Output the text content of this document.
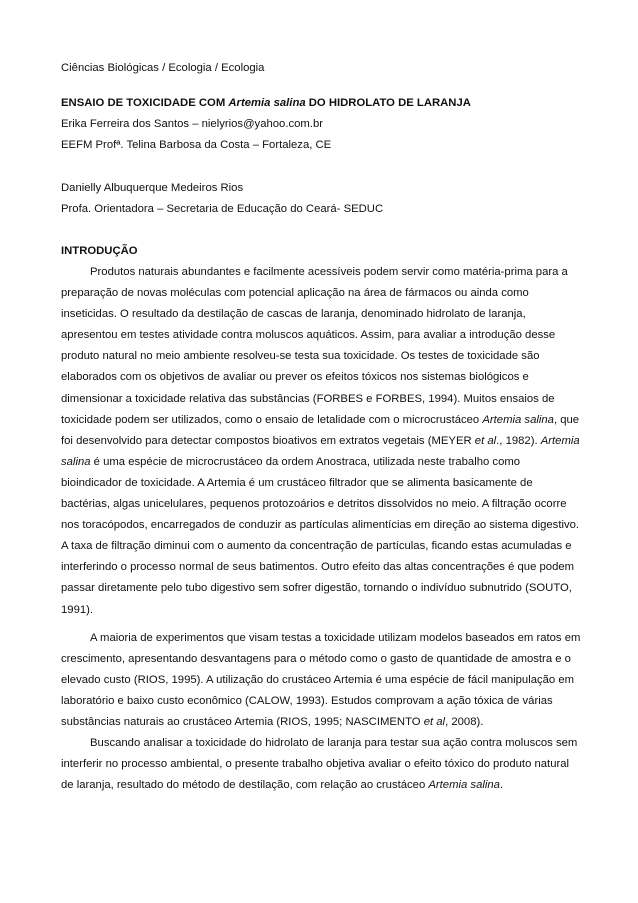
Ciências Biológicas / Ecologia / Ecologia
ENSAIO DE TOXICIDADE COM Artemia salina DO HIDROLATO DE LARANJA
Erika Ferreira dos Santos – nielyrios@yahoo.com.br
EEFM Profª. Telina Barbosa da Costa – Fortaleza, CE
Danielly Albuquerque Medeiros Rios
Profa. Orientadora – Secretaria de Educação do Ceará- SEDUC
INTRODUÇÃO

Produtos naturais abundantes e facilmente acessíveis podem servir como matéria-prima para a preparação de novas moléculas com potencial aplicação na área de fármacos ou ainda como inseticidas. O resultado da destilação de cascas de laranja, denominado hidrolato de laranja, apresentou em testes atividade contra moluscos aquáticos. Assim, para avaliar a introdução desse produto natural no meio ambiente resolveu-se testa sua toxicidade. Os testes de toxicidade são elaborados com os objetivos de avaliar ou prever os efeitos tóxicos nos sistemas biológicos e dimensionar a toxicidade relativa das substâncias (FORBES e FORBES, 1994). Muitos ensaios de toxicidade podem ser utilizados, como o ensaio de letalidade com o microcrustáceo Artemia salina, que foi desenvolvido para detectar compostos bioativos em extratos vegetais (MEYER et al., 1982). Artemia salina é uma espécie de microcrustáceo da ordem Anostraca, utilizada neste trabalho como bioindicador de toxicidade. A Artemia é um crustáceo filtrador que se alimenta basicamente de bactérias, algas unicelulares, pequenos protozoários e detritos dissolvidos no meio. A filtração ocorre nos toracópodos, encarregados de conduzir as partículas alimentícias em direção ao sistema digestivo. A taxa de filtração diminui com o aumento da concentração de partículas, ficando estas acumuladas e interferindo o processo normal de seus batimentos. Outro efeito das altas concentrações é que podem passar diretamente pelo tubo digestivo sem sofrer digestão, tornando o indivíduo subnutrido (SOUTO, 1991).

A maioria de experimentos que visam testas a toxicidade utilizam modelos baseados em ratos em crescimento, apresentando desvantagens para o método como o gasto de quantidade de amostra e o elevado custo (RIOS, 1995). A utilização do crustáceo Artemia é uma espécie de fácil manipulação em laboratório e baixo custo econômico (CALOW, 1993). Estudos comprovam a ação tóxica de várias substâncias naturais ao crustáceo Artemia (RIOS, 1995; NASCIMENTO et al, 2008).

Buscando analisar a toxicidade do hidrolato de laranja para testar sua ação contra moluscos sem interferir no processo ambiental, o presente trabalho objetiva avaliar o efeito tóxico do produto natural de laranja, resultado do método de destilação, com relação ao crustáceo Artemia salina.
